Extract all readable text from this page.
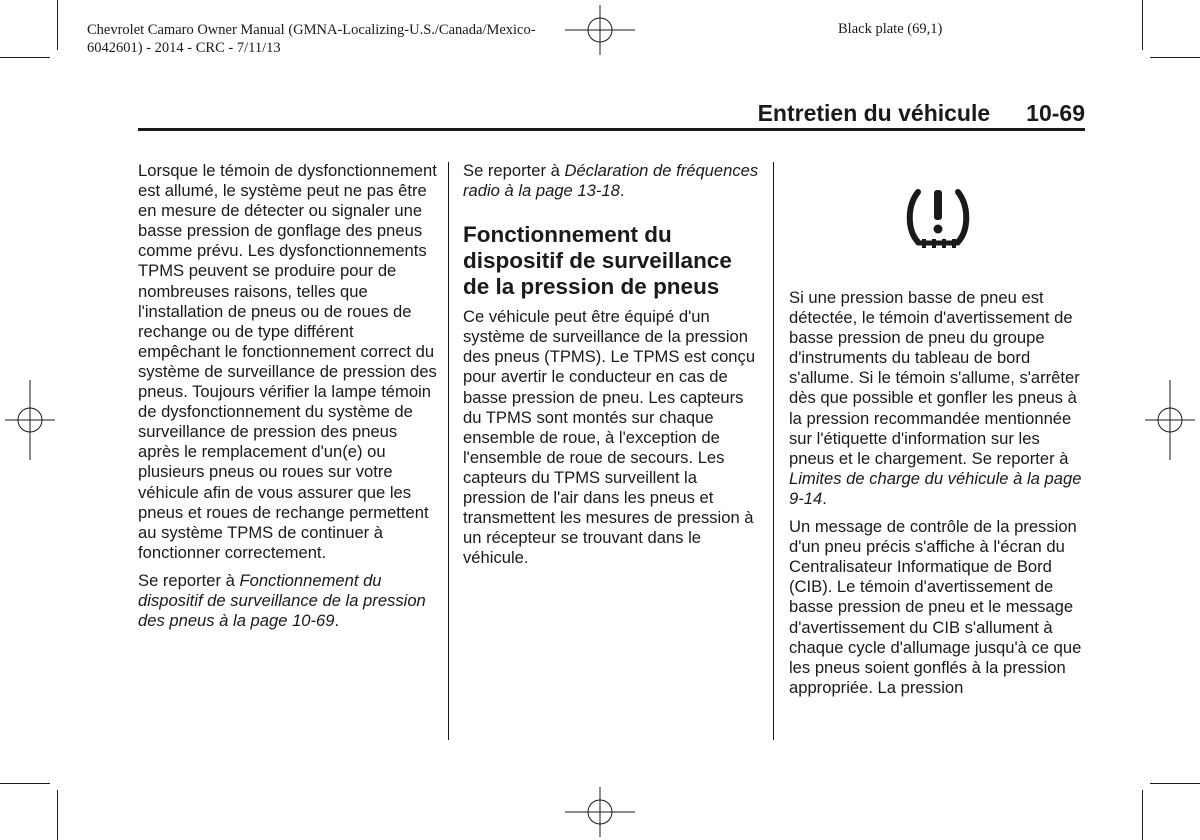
Chevrolet Camaro Owner Manual (GMNA-Localizing-U.S./Canada/Mexico-
6042601) - 2014 - CRC - 7/11/13
Black plate (69,1)
Entretien du véhicule 10-69

Lorsque le témoin de dysfonctionnement est allumé, le système peut ne pas être en mesure de détecter ou signaler une basse pression de gonflage des pneus comme prévu. Les dysfonctionnements TPMS peuvent se produire pour de nombreuses raisons, telles que l'installation de pneus ou de roues de rechange ou de type différent empêchant le fonctionnement correct du système de surveillance de pression des pneus. Toujours vérifier la lampe témoin de dysfonctionnement du système de surveillance de pression des pneus après le remplacement d'un(e) ou plusieurs pneus ou roues sur votre véhicule afin de vous assurer que les pneus et roues de rechange permettent au système TPMS de continuer à fonctionner correctement.

Se reporter à Fonctionnement du dispositif de surveillance de la pression des pneus à la page 10-69.

Se reporter à Déclaration de fréquences radio à la page 13-18.

Fonctionnement du dispositif de surveillance de la pression de pneus

Ce véhicule peut être équipé d'un système de surveillance de la pression des pneus (TPMS). Le TPMS est conçu pour avertir le conducteur en cas de basse pression de pneu. Les capteurs du TPMS sont montés sur chaque ensemble de roue, à l'exception de l'ensemble de roue de secours. Les capteurs du TPMS surveillent la pression de l'air dans les pneus et transmettent les mesures de pression à un récepteur se trouvant dans le véhicule.

Si une pression basse de pneu est détectée, le témoin d'avertissement de basse pression de pneu du groupe d'instruments du tableau de bord s'allume. Si le témoin s'allume, s'arrêter dès que possible et gonfler les pneus à la pression recommandée mentionnée sur l'étiquette d'information sur les pneus et le chargement. Se reporter à Limites de charge du véhicule à la page 9-14.

Un message de contrôle de la pression d'un pneu précis s'affiche à l'écran du Centralisateur Informatique de Bord (CIB). Le témoin d'avertissement de basse pression de pneu et le message d'avertissement du CIB s'allument à chaque cycle d'allumage jusqu'à ce que les pneus soient gonflés à la pression appropriée. La pression
